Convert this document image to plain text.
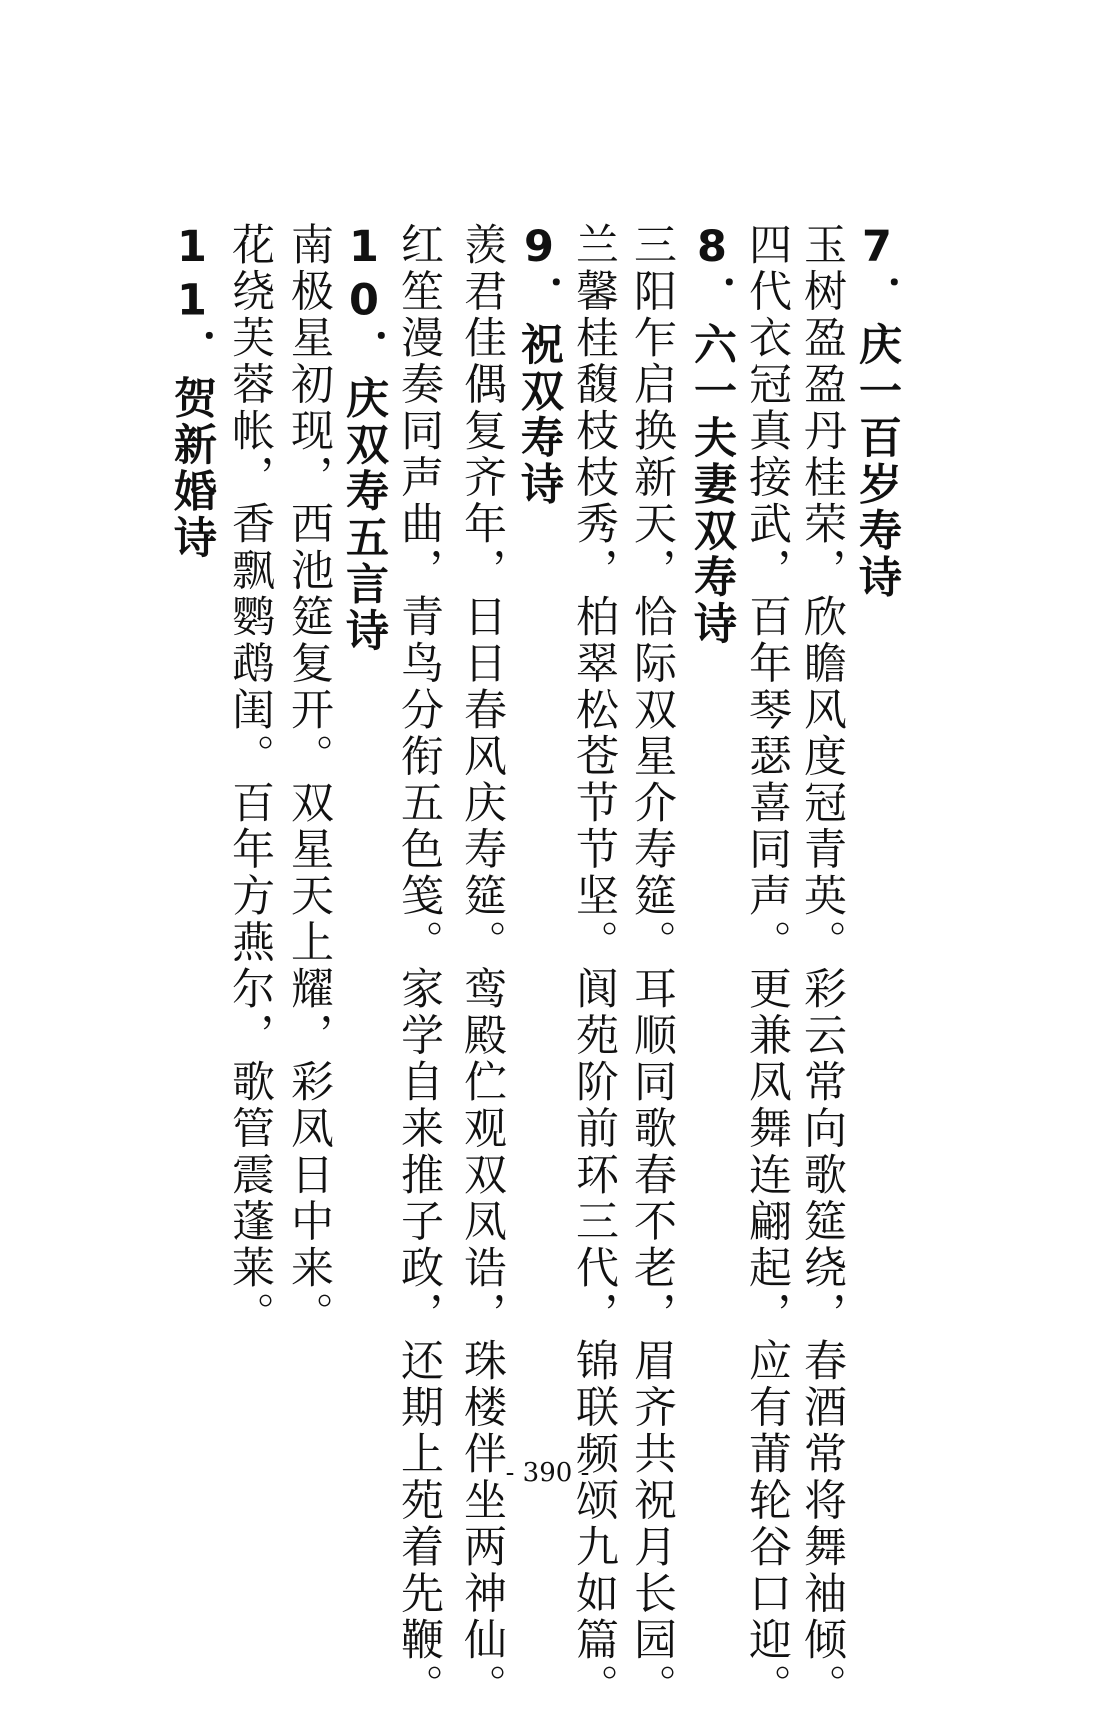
7．庆一百岁寿诗
玉树盈盈丹桂荣，欣瞻风度冠青英。彩云常向歌筵绕，春酒常将舞袖倾。
四代衣冠真接武，百年琴瑟喜同声。更兼凤舞连翩起，应有莆轮谷口迎。
8．六一夫妻双寿诗
三阳乍启换新天，恰际双星介寿筵。耳顺同歌春不老，眉齐共祝月长园。
兰馨桂馥枝枝秀，柏翠松苍节节坚。阆苑阶前环三代，锦联频颂九如篇。
9．祝双寿诗
羡君佳偶复齐年，日日春风庆寿筵。鸾殿伫观双凤诰，珠楼伴坐两神仙。
红笙漫奏同声曲，青鸟分衔五色笺。家学自来推子政，还期上苑着先鞭。
10．庆双寿五言诗
南极星初现，西池筵复开。双星天上耀，彩凤日中来。
花绕芙蓉帐，香飘鹦鹉闺。百年方燕尔，歌管震蓬莱。
11．贺新婚诗
- 390 -
